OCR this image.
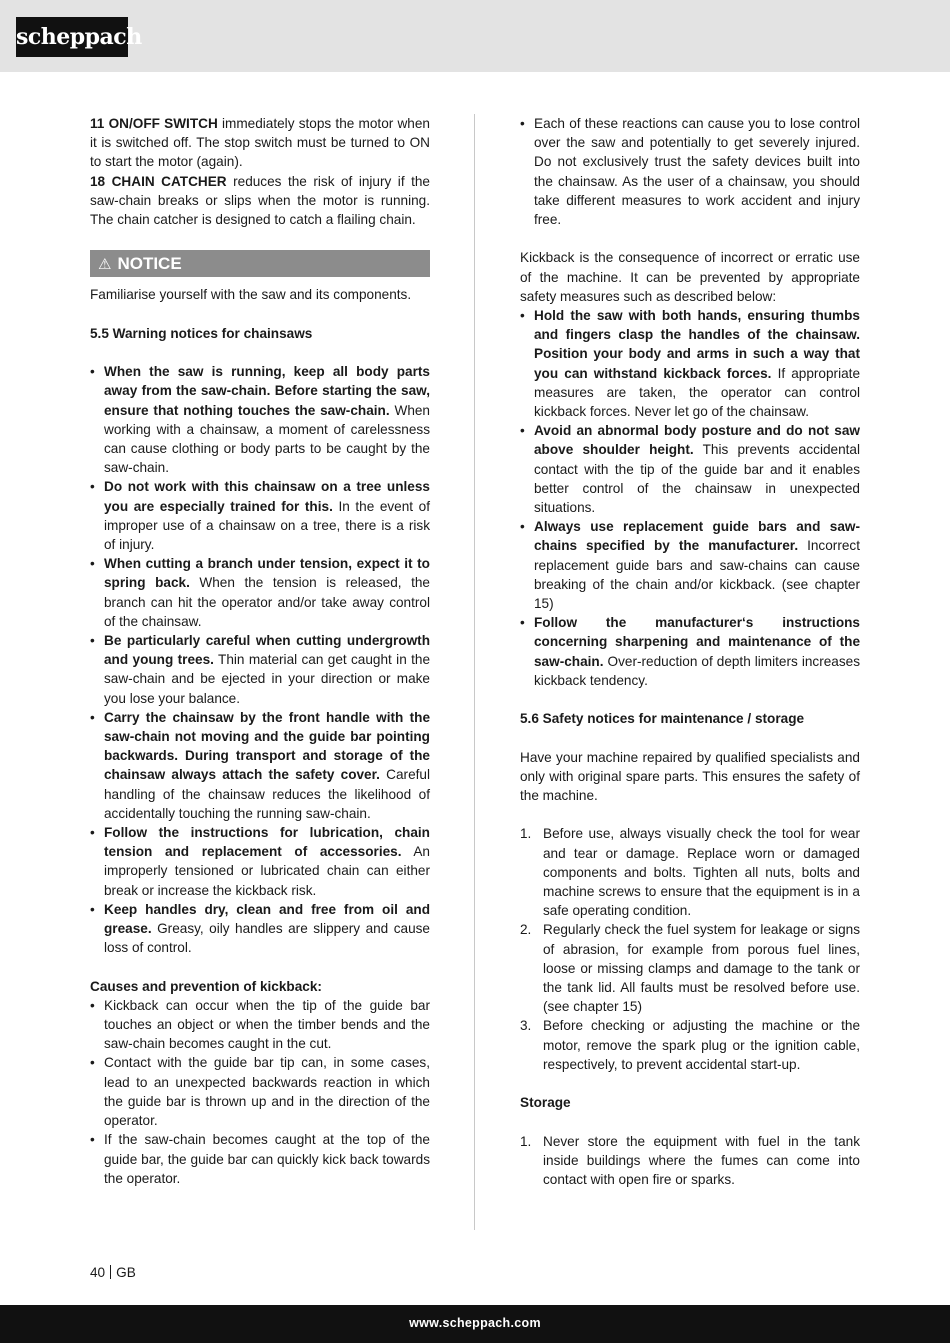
scheppach

11 ON/OFF SWITCH immediately stops the motor when it is switched off. The stop switch must be turned to ON to start the motor (again).

18 CHAIN CATCHER reduces the risk of injury if the saw-chain breaks or slips when the motor is running. The chain catcher is designed to catch a flailing chain.

⚠ NOTICE

Familiarise yourself with the saw and its components.

5.5 Warning notices for chainsaws

• When the saw is running, keep all body parts away from the saw-chain. Before starting the saw, ensure that nothing touches the saw-chain. When working with a chainsaw, a moment of carelessness can cause clothing or body parts to be caught by the saw-chain.
• Do not work with this chainsaw on a tree unless you are especially trained for this. In the event of improper use of a chainsaw on a tree, there is a risk of injury.
• When cutting a branch under tension, expect it to spring back. When the tension is released, the branch can hit the operator and/or take away control of the chainsaw.
• Be particularly careful when cutting undergrowth and young trees. Thin material can get caught in the saw-chain and be ejected in your direction or make you lose your balance.
• Carry the chainsaw by the front handle with the saw-chain not moving and the guide bar pointing backwards. During transport and storage of the chainsaw always attach the safety cover. Careful handling of the chainsaw reduces the likelihood of accidentally touching the running saw-chain.
• Follow the instructions for lubrication, chain tension and replacement of accessories. An improperly tensioned or lubricated chain can either break or increase the kickback risk.
• Keep handles dry, clean and free from oil and grease. Greasy, oily handles are slippery and cause loss of control.

Causes and prevention of kickback:

• Kickback can occur when the tip of the guide bar touches an object or when the timber bends and the saw-chain becomes caught in the cut.
• Contact with the guide bar tip can, in some cases, lead to an unexpected backwards reaction in which the guide bar is thrown up and in the direction of the operator.
• If the saw-chain becomes caught at the top of the guide bar, the guide bar can quickly kick back towards the operator.
• Each of these reactions can cause you to lose control over the saw and potentially to get severely injured. Do not exclusively trust the safety devices built into the chainsaw. As the user of a chainsaw, you should take different measures to work accident and injury free.

Kickback is the consequence of incorrect or erratic use of the machine. It can be prevented by appropriate safety measures such as described below:

• Hold the saw with both hands, ensuring thumbs and fingers clasp the handles of the chainsaw. Position your body and arms in such a way that you can withstand kickback forces. If appropriate measures are taken, the operator can control kickback forces. Never let go of the chainsaw.
• Avoid an abnormal body posture and do not saw above shoulder height. This prevents accidental contact with the tip of the guide bar and it enables better control of the chainsaw in unexpected situations.
• Always use replacement guide bars and saw-chains specified by the manufacturer. Incorrect replacement guide bars and saw-chains can cause breaking of the chain and/or kickback. (see chapter 15)
• Follow the manufacturer‘s instructions concerning sharpening and maintenance of the saw-chain. Over-reduction of depth limiters increases kickback tendency.

5.6 Safety notices for maintenance / storage

Have your machine repaired by qualified specialists and only with original spare parts. This ensures the safety of the machine.

1. Before use, always visually check the tool for wear and tear or damage. Replace worn or damaged components and bolts. Tighten all nuts, bolts and machine screws to ensure that the equipment is in a safe operating condition.
2. Regularly check the fuel system for leakage or signs of abrasion, for example from porous fuel lines, loose or missing clamps and damage to the tank or the tank lid. All faults must be resolved before use. (see chapter 15)
3. Before checking or adjusting the machine or the motor, remove the spark plug or the ignition cable, respectively, to prevent accidental start-up.

Storage

1. Never store the equipment with fuel in the tank inside buildings where the fumes can come into contact with open fire or sparks.
40 GB
www.scheppach.com
